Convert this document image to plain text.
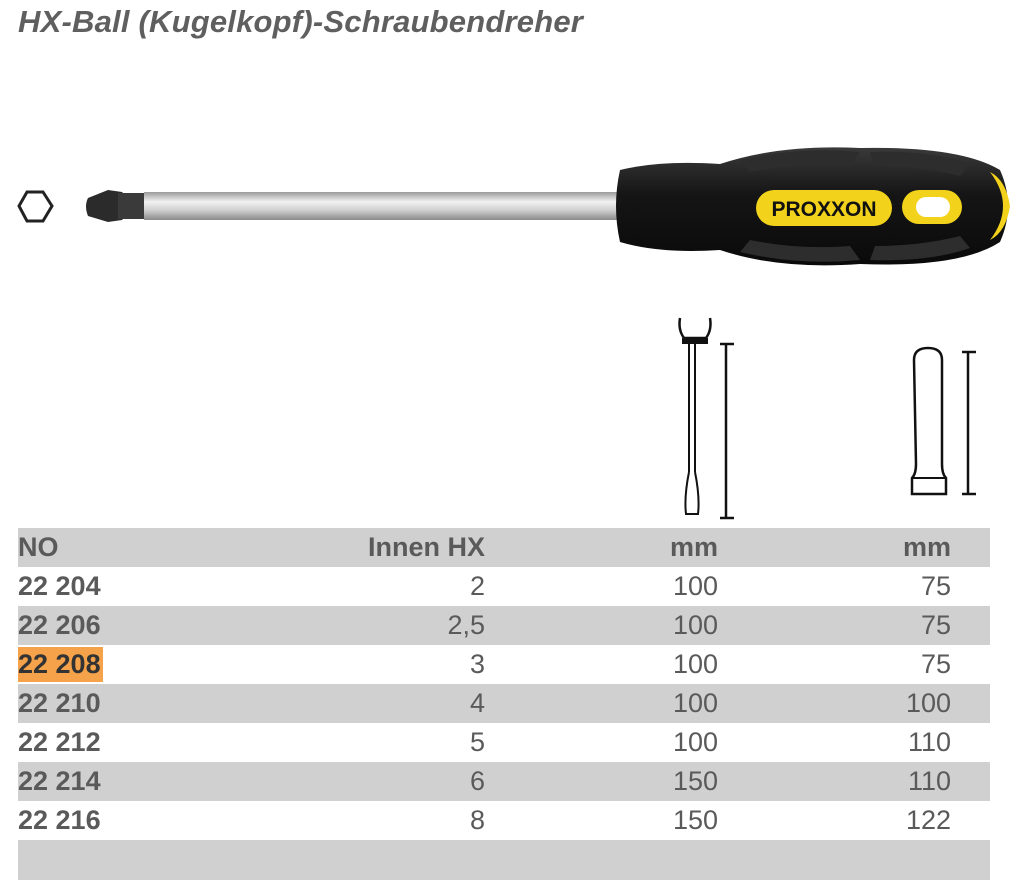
HX-Ball (Kugelkopf)-Schraubendreher
PROXXON
NO	Innen HX	mm	mm	
22 204	2	100	75	
22 206	2,5	100	75	
22 208	3	100	75	
22 210	4	100	100	
22 212	5	100	110	
22 214	6	150	110	
22 216	8	150	122	
